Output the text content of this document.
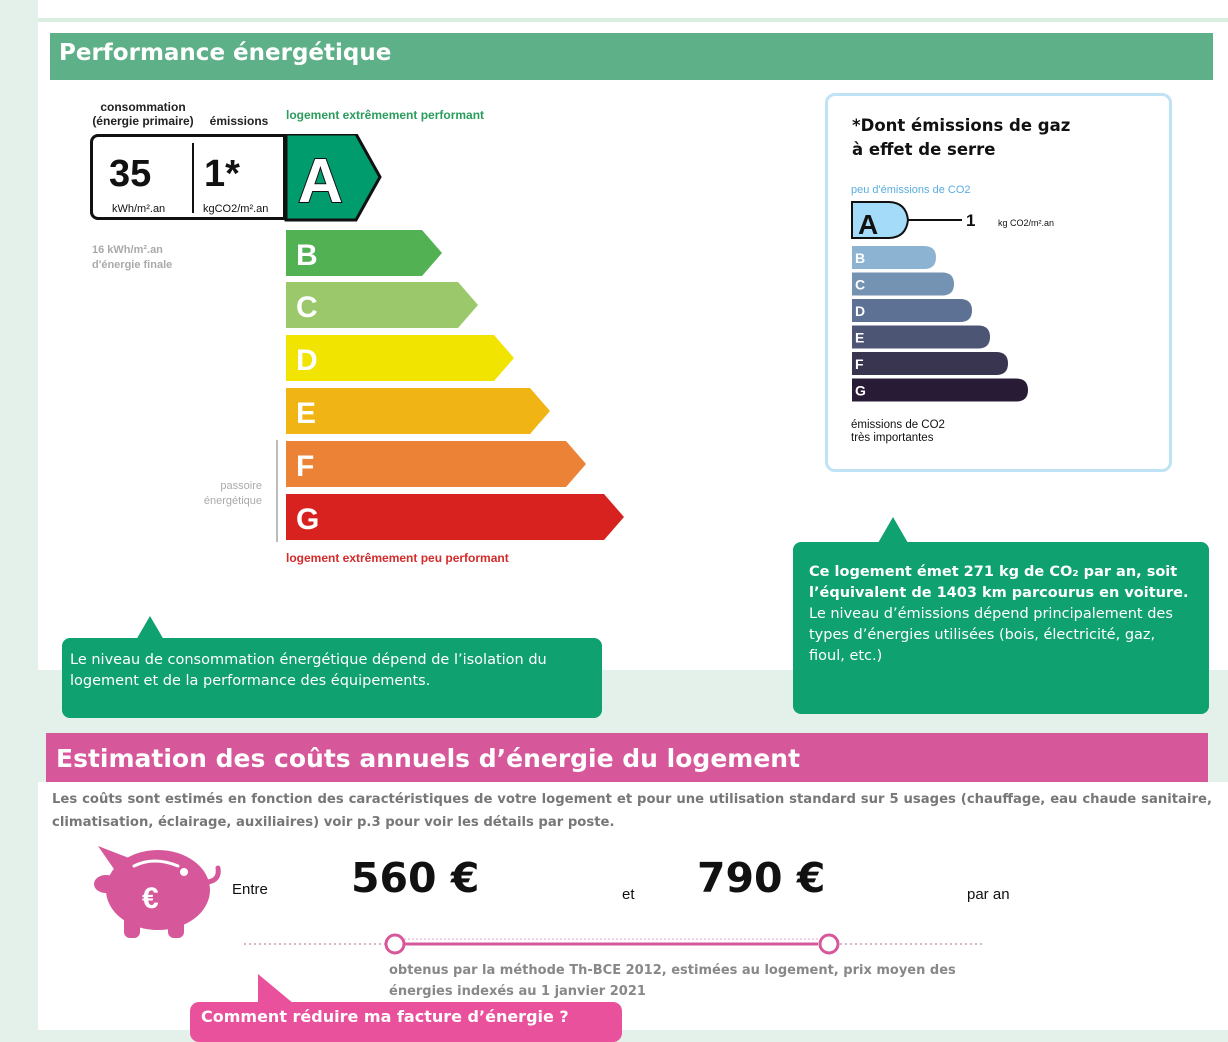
Performance énergétique
consommation
(énergie primaire)	émissions	logement extrêmement performant
35
kWh/m².an
1*
kgCO2/m².an
16 kWh/m².an
d'énergie finale
passoire
énergétique
A
B
C
D
E
F
G
logement extrêmement peu performant
*Dont émissions de gaz
à effet de serre
peu d'émissions de CO2
A	1	kg CO2/m².an
B
C
D
E
F
G
émissions de CO2
très importantes
Le niveau de consommation énergétique dépend de l’isolation du logement et de la performance des équipements.
Ce logement émet 271 kg de CO₂ par an, soit l’équivalent de 1403 km parcourus en voiture.
Le niveau d’émissions dépend principalement des types d’énergies utilisées (bois, électricité, gaz, fioul, etc.)
Estimation des coûts annuels d’énergie du logement
Les coûts sont estimés en fonction des caractéristiques de votre logement et pour une utilisation standard sur 5 usages (chauffage, eau chaude sanitaire, climatisation, éclairage, auxiliaires) voir p.3 pour voir les détails par poste.
€	Entre 560 €	et 790 €	par an
obtenus par la méthode Th-BCE 2012, estimées au logement, prix moyen des énergies indexés au 1 janvier 2021
Comment réduire ma facture d’énergie ?
